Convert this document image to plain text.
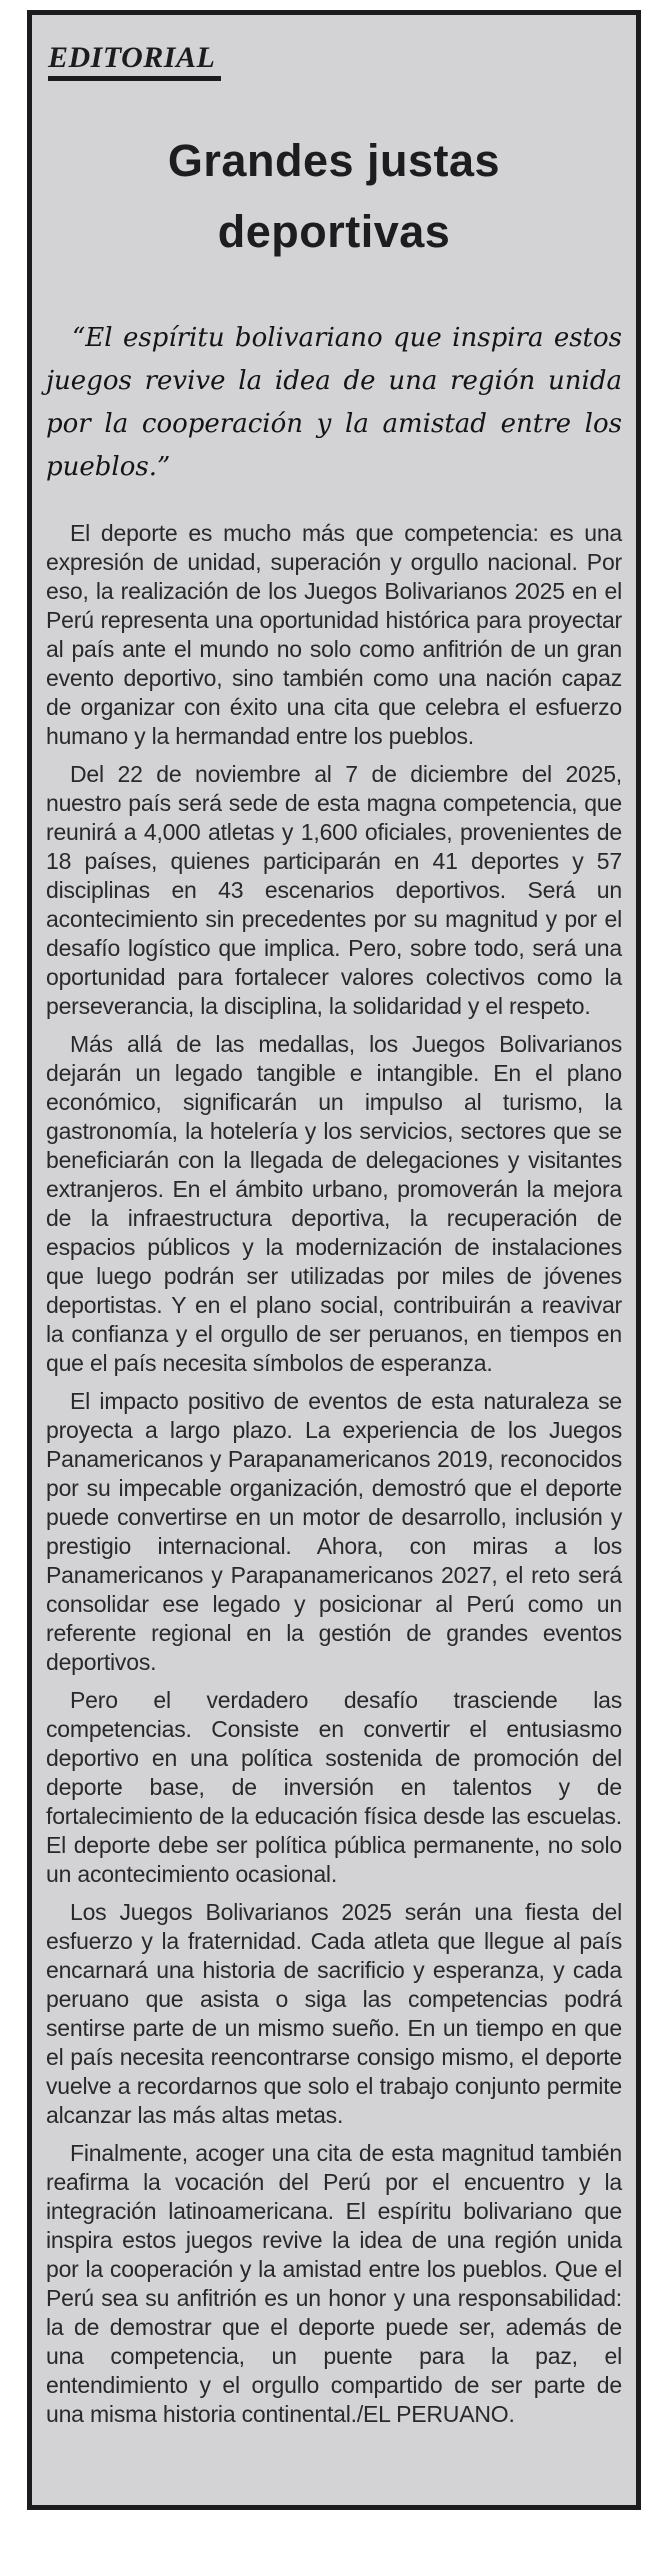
EDITORIAL
Grandes justas
deportivas

“El espíritu bolivariano que inspira estos juegos revive la idea de una región unida por la cooperación y la amistad entre los pueblos.”

El deporte es mucho más que competencia: es una expresión de unidad, superación y orgullo nacional. Por eso, la realización de los Juegos Bolivarianos 2025 en el Perú representa una oportunidad histórica para proyectar al país ante el mundo no solo como anfitrión de un gran evento deportivo, sino también como una nación capaz de organizar con éxito una cita que celebra el esfuerzo humano y la hermandad entre los pueblos.

Del 22 de noviembre al 7 de diciembre del 2025, nuestro país será sede de esta magna competencia, que reunirá a 4,000 atletas y 1,600 oficiales, provenientes de 18 países, quienes participarán en 41 deportes y 57 disciplinas en 43 escenarios deportivos. Será un acontecimiento sin precedentes por su magnitud y por el desafío logístico que implica. Pero, sobre todo, será una oportunidad para fortalecer valores colectivos como la perseverancia, la disciplina, la solidaridad y el respeto.

Más allá de las medallas, los Juegos Bolivarianos dejarán un legado tangible e intangible. En el plano económico, significarán un impulso al turismo, la gastronomía, la hotelería y los servicios, sectores que se beneficiarán con la llegada de delegaciones y visitantes extranjeros. En el ámbito urbano, promoverán la mejora de la infraestructura deportiva, la recuperación de espacios públicos y la modernización de instalaciones que luego podrán ser utilizadas por miles de jóvenes deportistas. Y en el plano social, contribuirán a reavivar la confianza y el orgullo de ser peruanos, en tiempos en que el país necesita símbolos de esperanza.

El impacto positivo de eventos de esta naturaleza se proyecta a largo plazo. La experiencia de los Juegos Panamericanos y Parapanamericanos 2019, reconocidos por su impecable organización, demostró que el deporte puede convertirse en un motor de desarrollo, inclusión y prestigio internacional. Ahora, con miras a los Panamericanos y Parapanamericanos 2027, el reto será consolidar ese legado y posicionar al Perú como un referente regional en la gestión de grandes eventos deportivos.

Pero el verdadero desafío trasciende las competencias. Consiste en convertir el entusiasmo deportivo en una política sostenida de promoción del deporte base, de inversión en talentos y de fortalecimiento de la educación física desde las escuelas. El deporte debe ser política pública permanente, no solo un acontecimiento ocasional.

Los Juegos Bolivarianos 2025 serán una fiesta del esfuerzo y la fraternidad. Cada atleta que llegue al país encarnará una historia de sacrificio y esperanza, y cada peruano que asista o siga las competencias podrá sentirse parte de un mismo sueño. En un tiempo en que el país necesita reencontrarse consigo mismo, el deporte vuelve a recordarnos que solo el trabajo conjunto permite alcanzar las más altas metas.

Finalmente, acoger una cita de esta magnitud también reafirma la vocación del Perú por el encuentro y la integración latinoamericana. El espíritu bolivariano que inspira estos juegos revive la idea de una región unida por la cooperación y la amistad entre los pueblos. Que el Perú sea su anfitrión es un honor y una responsabilidad: la de demostrar que el deporte puede ser, además de una competencia, un puente para la paz, el entendimiento y el orgullo compartido de ser parte de una misma historia continental./EL PERUANO.
